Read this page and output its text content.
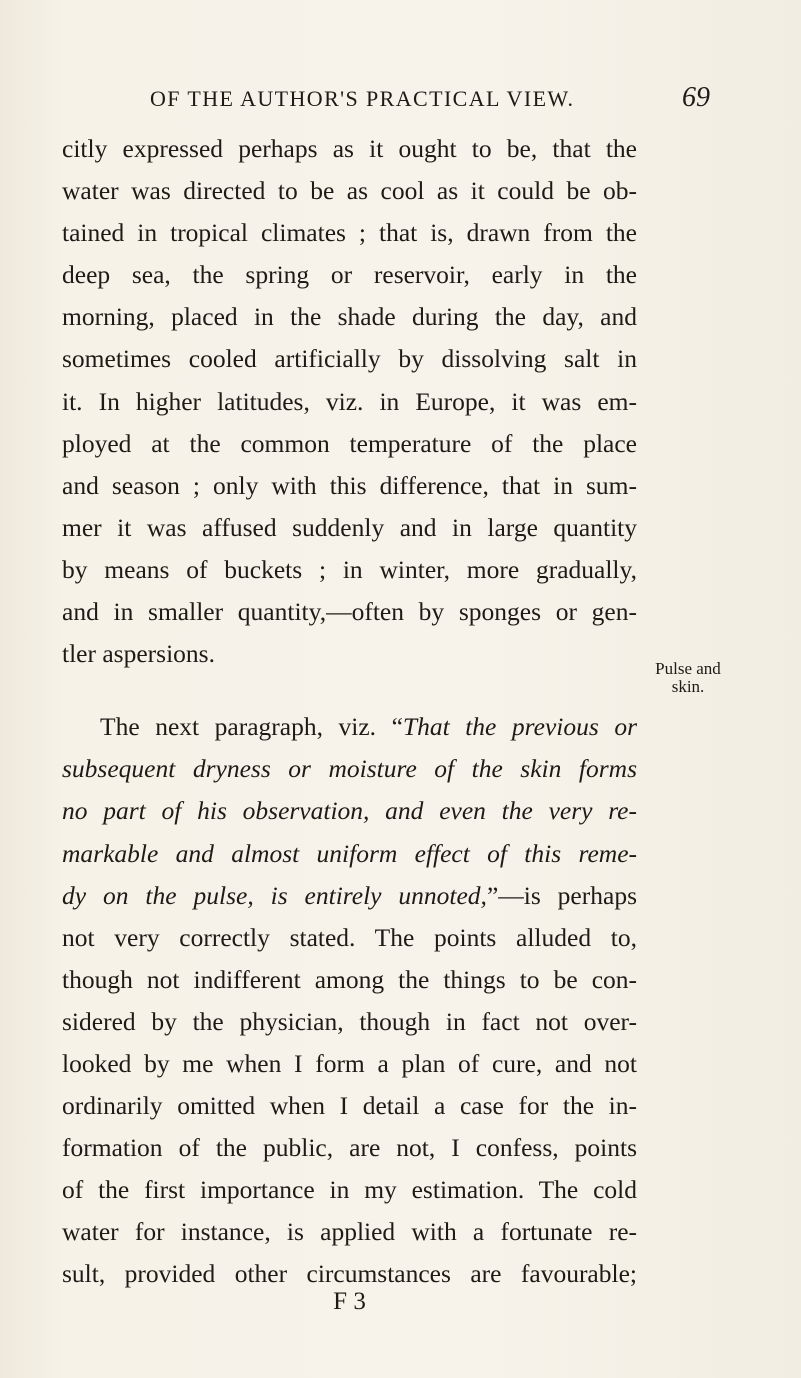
OF THE AUTHOR'S PRACTICAL VIEW.	69
citly expressed perhaps as it ought to be, that the
water was directed to be as cool as it could be ob-
tained in tropical climates ; that is, drawn from the
deep sea, the spring or reservoir, early in the
morning, placed in the shade during the day, and
sometimes cooled artificially by dissolving salt in
it. In higher latitudes, viz. in Europe, it was em-
ployed at the common temperature of the place
and season ; only with this difference, that in sum-
mer it was affused suddenly and in large quantity
by means of buckets ; in winter, more gradually,
and in smaller quantity,—often by sponges or gen-
tler aspersions.
The next paragraph, viz. “That the previous or
subsequent dryness or moisture of the skin forms
no part of his observation, and even the very re-
markable and almost uniform effect of this reme-
dy on the pulse, is entirely unnoted,”—is perhaps
not very correctly stated. The points alluded to,
though not indifferent among the things to be con-
sidered by the physician, though in fact not over-
looked by me when I form a plan of cure, and not
ordinarily omitted when I detail a case for the in-
formation of the public, are not, I confess, points
of the first importance in my estimation. The cold
water for instance, is applied with a fortunate re-
sult, provided other circumstances are favourable;
Pulse and
skin.
F 3
